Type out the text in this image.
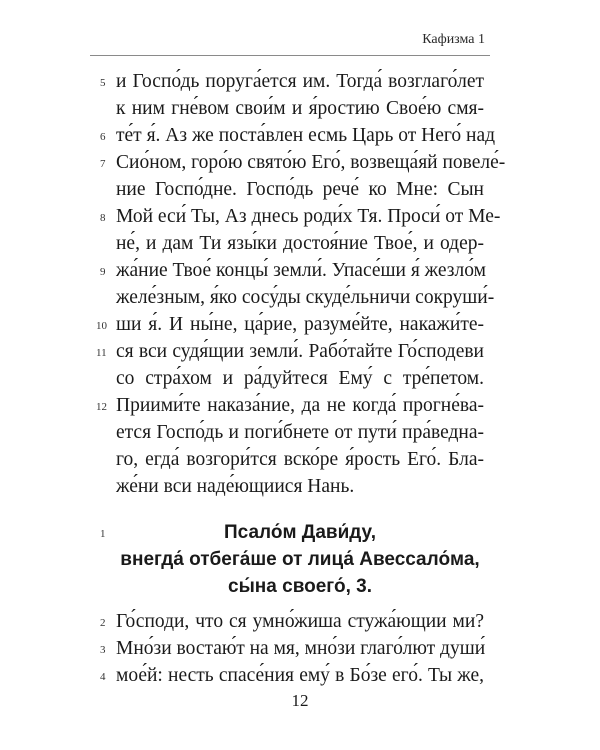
Кафизма 1
5 и Госпо́дь поруга́ется им. Тогда́ возглаго́лет
к ним гне́вом свои́м и я́ростию Свое́ю смя-
6 те́т я́. Аз же поста́влен есмь Царь от Него́ над
7 Сио́ном, горо́ю свято́ю Его́, возвеща́яй повеле́-
ние Госпо́дне. Госпо́дь рече́ ко Мне: Сын
8 Мой еси́ Ты, Аз днесь роди́х Тя. Проси́ от Ме-
не́, и дам Ти язы́ки достоя́ние Твое́, и одер-
9 жа́ние Твое́ концы́ земли́. Упасе́ши я́ жезло́м
желе́зным, я́ко сосу́ды скуде́льничи сокруши́-
10 ши я́. И ны́не, ца́рие, разуме́йте, накажи́те-
11 ся вси судя́щии земли́. Рабо́тайте Го́сподеви
со стра́хом и ра́дуйтеся Ему́ с тре́петом.
12 Приими́те наказа́ние, да не когда́ прогне́ва-
ется Госпо́дь и поги́бнете от пути́ пра́ведна-
го, егда́ возгори́тся вско́ре я́рость Его́. Бла-
же́ни вси наде́ющиися Нань.
1	Псало́м Дави́ду,
внегда́ отбега́ше от лица́ Авессало́ма,
сы́на своего́, 3.
2 Го́споди, что ся умно́жиша стужа́ющии ми?
3 Мно́зи востаю́т на мя, мно́зи глаго́лют души́
4 мое́й: несть спасе́ния ему́ в Бо́зе его́. Ты же,
12
